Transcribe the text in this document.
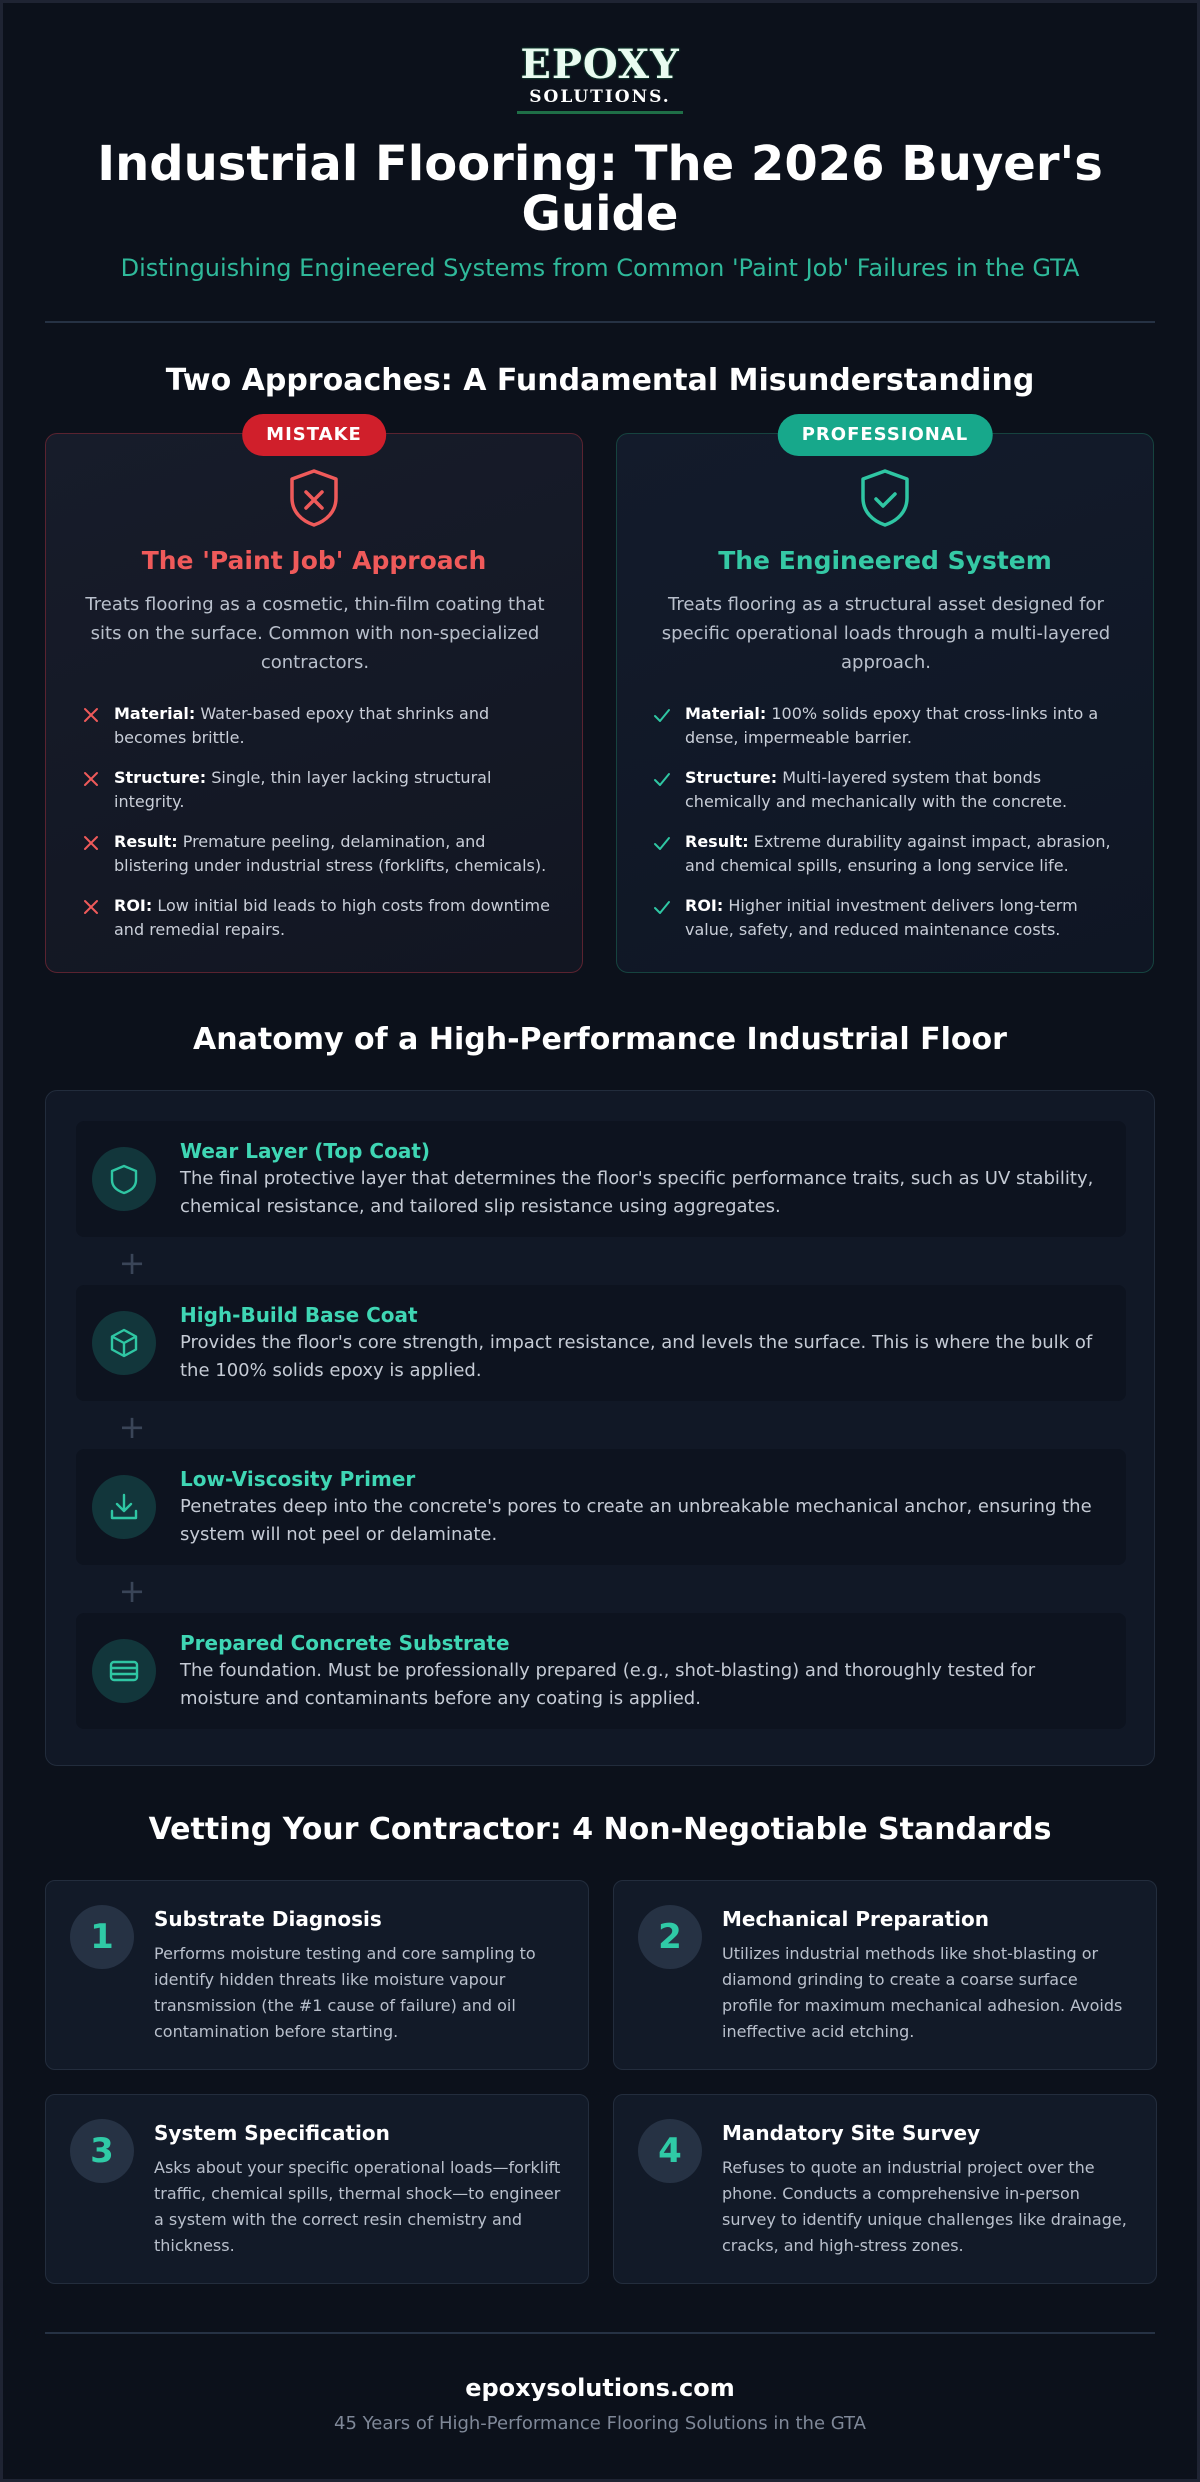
EPOXY
SOLUTIONS.
Industrial Flooring: The 2026 Buyer's Guide
Distinguishing Engineered Systems from Common 'Paint Job' Failures in the GTA
Two Approaches: A Fundamental Misunderstanding
MISTAKE
The 'Paint Job' Approach
Treats flooring as a cosmetic, thin-film coating that sits on the surface. Common with non-specialized contractors.
Material: Water-based epoxy that shrinks and becomes brittle.
Structure: Single, thin layer lacking structural integrity.
Result: Premature peeling, delamination, and blistering under industrial stress (forklifts, chemicals).
ROI: Low initial bid leads to high costs from downtime and remedial repairs.
PROFESSIONAL
The Engineered System
Treats flooring as a structural asset designed for specific operational loads through a multi-layered approach.
Material: 100% solids epoxy that cross-links into a dense, impermeable barrier.
Structure: Multi-layered system that bonds chemically and mechanically with the concrete.
Result: Extreme durability against impact, abrasion, and chemical spills, ensuring a long service life.
ROI: Higher initial investment delivers long-term value, safety, and reduced maintenance costs.
Anatomy of a High-Performance Industrial Floor
Wear Layer (Top Coat)
The final protective layer that determines the floor's specific performance traits, such as UV stability, chemical resistance, and tailored slip resistance using aggregates.
+
High-Build Base Coat
Provides the floor's core strength, impact resistance, and levels the surface. This is where the bulk of the 100% solids epoxy is applied.
+
Low-Viscosity Primer
Penetrates deep into the concrete's pores to create an unbreakable mechanical anchor, ensuring the system will not peel or delaminate.
+
Prepared Concrete Substrate
The foundation. Must be professionally prepared (e.g., shot-blasting) and thoroughly tested for moisture and contaminants before any coating is applied.
Vetting Your Contractor: 4 Non-Negotiable Standards
1	Substrate Diagnosis
Performs moisture testing and core sampling to identify hidden threats like moisture vapour transmission (the #1 cause of failure) and oil contamination before starting.
2	Mechanical Preparation
Utilizes industrial methods like shot-blasting or diamond grinding to create a coarse surface profile for maximum mechanical adhesion. Avoids ineffective acid etching.
3	System Specification
Asks about your specific operational loads—forklift traffic, chemical spills, thermal shock—to engineer a system with the correct resin chemistry and thickness.
4	Mandatory Site Survey
Refuses to quote an industrial project over the phone. Conducts a comprehensive in-person survey to identify unique challenges like drainage, cracks, and high-stress zones.
epoxysolutions.com
45 Years of High-Performance Flooring Solutions in the GTA
